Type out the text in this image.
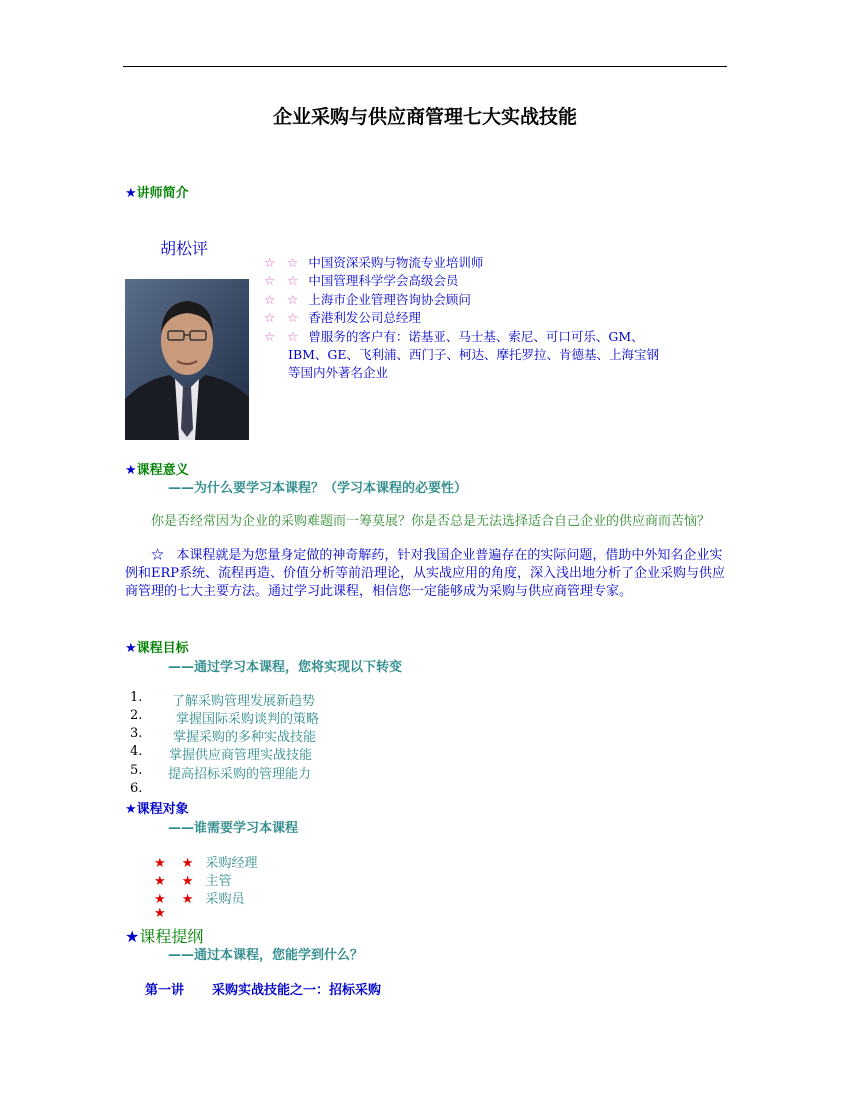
企业采购与供应商管理七大实战技能
★讲师简介
胡松评
☆ ☆ 中国资深采购与物流专业培训师
☆ ☆ 中国管理科学学会高级会员
☆ ☆ 上海市企业管理咨询协会顾问
☆ ☆ 香港利发公司总经理
☆ ☆ 曾服务的客户有：诺基亚、马士基、索尼、可口可乐、GM、
IBM、GE、飞利浦、西门子、柯达、摩托罗拉、肯德基、上海宝钢
等国内外著名企业
★课程意义
——为什么要学习本课程？（学习本课程的必要性）
你是否经常因为企业的采购难题而一筹莫展？你是否总是无法选择适合自己企业的供应商而苦恼？
☆ 本课程就是为您量身定做的神奇解药，针对我国企业普遍存在的实际问题，借助中外知名企业实例和ERP系统、流程再造、价值分析等前沿理论，从实战应用的角度，深入浅出地分析了企业采购与供应商管理的七大主要方法。通过学习此课程，相信您一定能够成为采购与供应商管理专家。
★课程目标
——通过学习本课程，您将实现以下转变
1. 了解采购管理发展新趋势
2.	掌握国际采购谈判的策略
3. 掌握采购的多种实战技能
4. 掌握供应商管理实战技能
5. 提高招标采购的管理能力
6.
★课程对象
——谁需要学习本课程
★ ★ 采购经理
★ ★ 主管
★ ★ 采购员
★
★课程提纲
——通过本课程，您能学到什么？
第一讲 采购实战技能之一：招标采购
